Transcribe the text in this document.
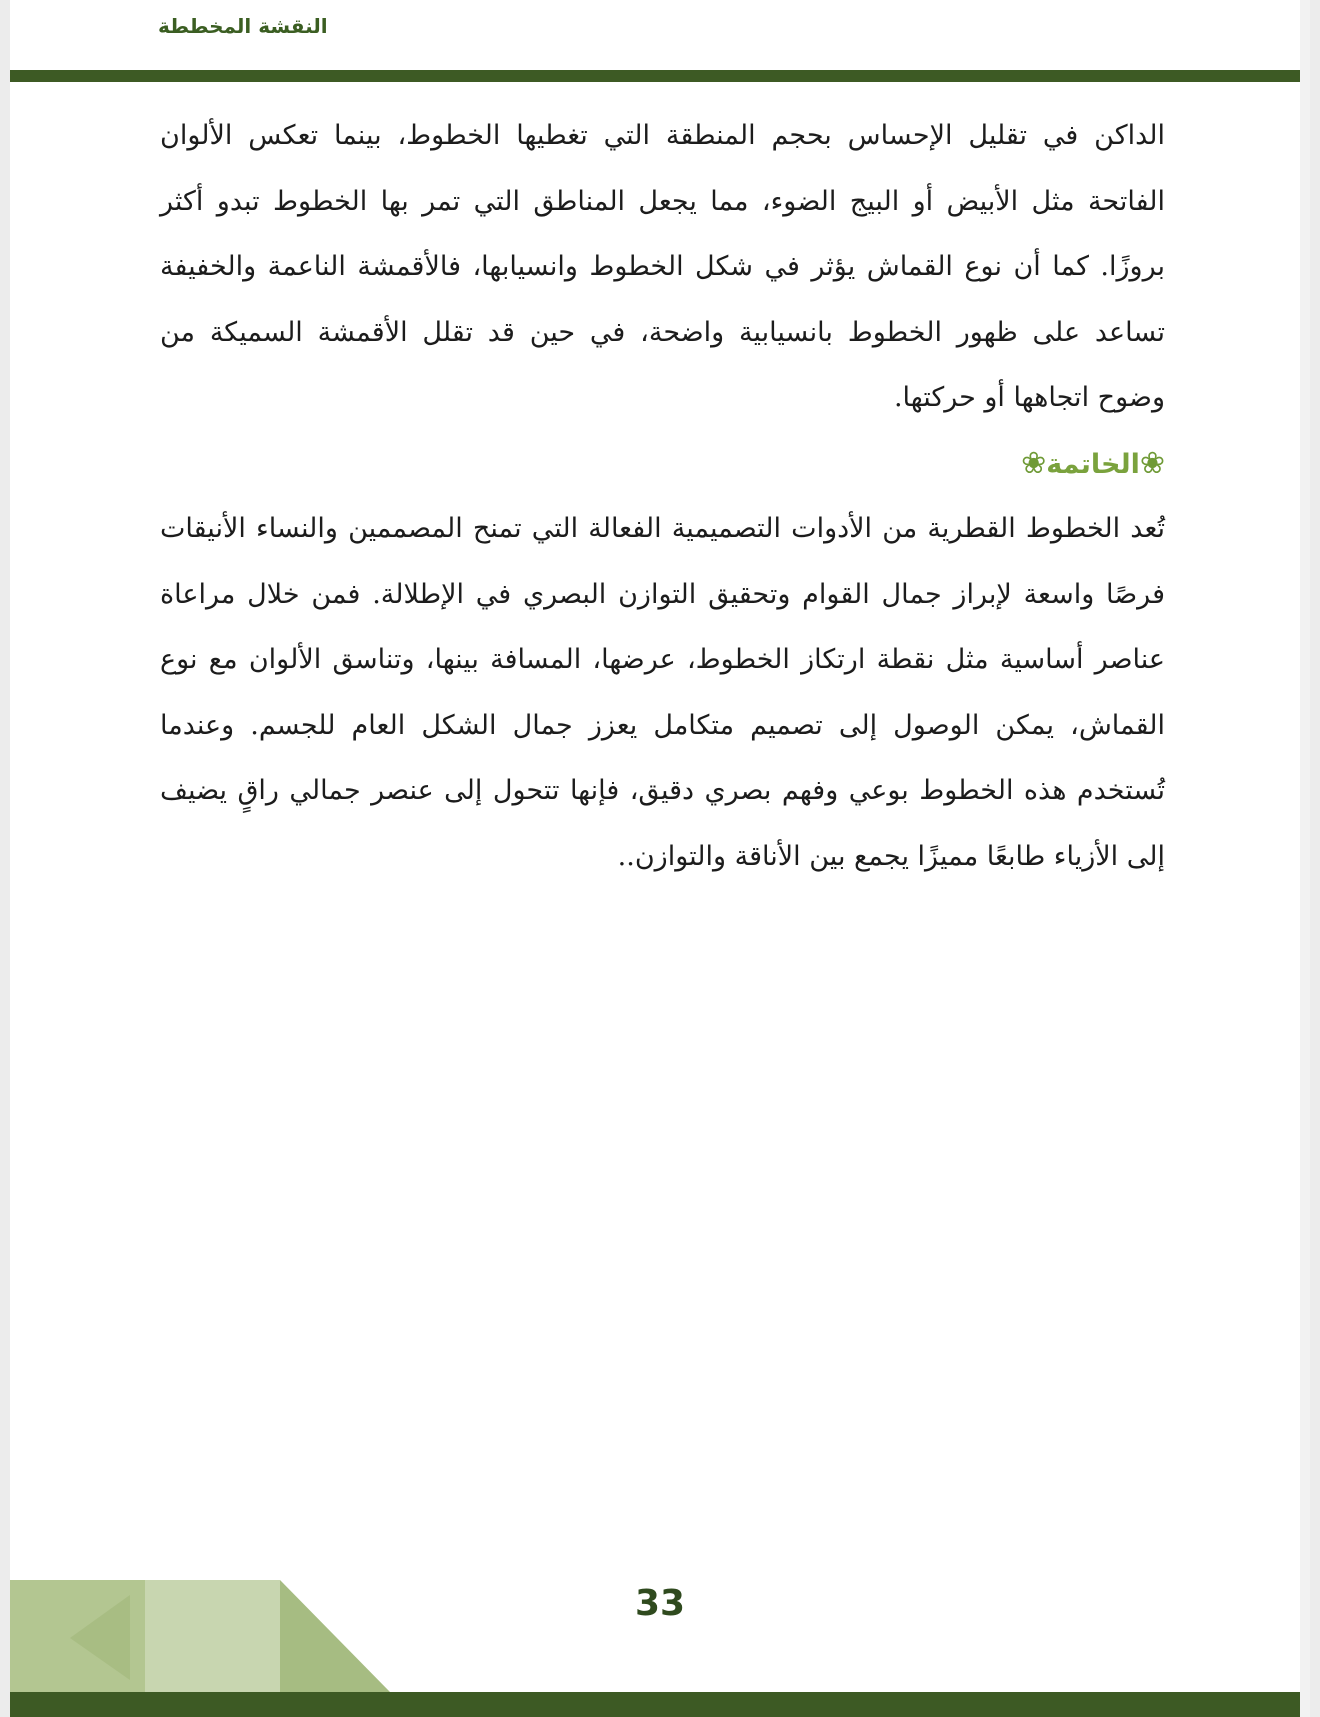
النقشة المخططة

الداكن في تقليل الإحساس بحجم المنطقة التي تغطيها الخطوط، بينما تعكس الألوان الفاتحة مثل الأبيض أو البيج الضوء، مما يجعل المناطق التي تمر بها الخطوط تبدو أكثر بروزًا. كما أن نوع القماش يؤثر في شكل الخطوط وانسيابها، فالأقمشة الناعمة والخفيفة تساعد على ظهور الخطوط بانسيابية واضحة، في حين قد تقلل الأقمشة السميكة من وضوح اتجاهها أو حركتها.

❀الخاتمة❀

تُعد الخطوط القطرية من الأدوات التصميمية الفعالة التي تمنح المصممين والنساء الأنيقات فرصًا واسعة لإبراز جمال القوام وتحقيق التوازن البصري في الإطلالة. فمن خلال مراعاة عناصر أساسية مثل نقطة ارتكاز الخطوط، عرضها، المسافة بينها، وتناسق الألوان مع نوع القماش، يمكن الوصول إلى تصميم متكامل يعزز جمال الشكل العام للجسم. وعندما تُستخدم هذه الخطوط بوعي وفهم بصري دقيق، فإنها تتحول إلى عنصر جمالي راقٍ يضيف إلى الأزياء طابعًا مميزًا يجمع بين الأناقة والتوازن..

33
